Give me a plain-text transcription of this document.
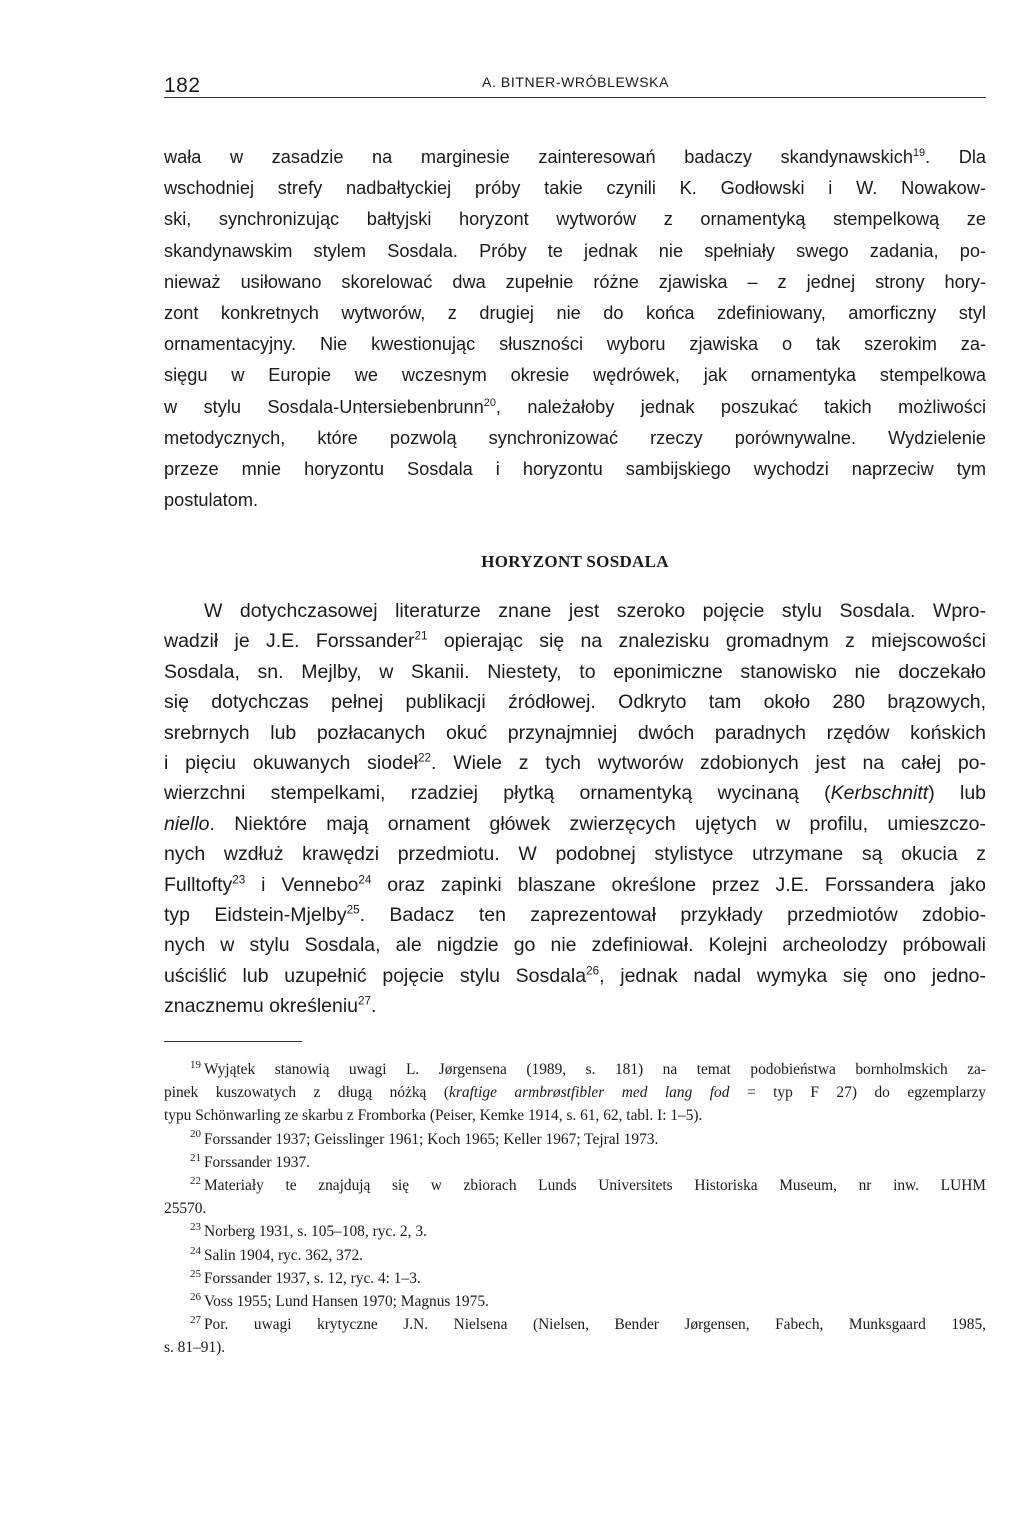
182	A. BITNER-WRÓBLEWSKA
wała w zasadzie na marginesie zainteresowań badaczy skandynawskich$^{19}$. Dla
wschodniej strefy nadbałtyckiej próby takie czynili K. Godłowski i W. Nowakow-
ski, synchronizując bałtyjski horyzont wytworów z ornamentyką stempelkową ze
skandynawskim stylem Sosdala. Próby te jednak nie spełniały swego zadania, po-
nieważ usiłowano skorelować dwa zupełnie różne zjawiska – z jednej strony hory-
zont konkretnych wytworów, z drugiej nie do końca zdefiniowany, amorficzny styl
ornamentacyjny. Nie kwestionując słuszności wyboru zjawiska o tak szerokim za-
sięgu w Europie we wczesnym okresie wędrówek, jak ornamentyka stempelkowa
w stylu Sosdala-Untersiebenbrunn$^{20}$, należałoby jednak poszukać takich możliwości
metodycznych, które pozwolą synchronizować rzeczy porównywalne. Wydzielenie
przeze mnie horyzontu Sosdala i horyzontu sambijskiego wychodzi naprzeciw tym
postulatom.
HORYZONT SOSDALA
W dotychczasowej literaturze znane jest szeroko pojęcie stylu Sosdala. Wpro-
wadził je J.E. Forssander$^{21}$ opierając się na znalezisku gromadnym z miejscowości
Sosdala, sn. Mejlby, w Skanii. Niestety, to eponimiczne stanowisko nie doczekało
się dotychczas pełnej publikacji źródłowej. Odkryto tam około 280 brązowych,
srebrnych lub pozłacanych okuć przynajmniej dwóch paradnych rzędów końskich
i pięciu okuwanych siodeł$^{22}$. Wiele z tych wytworów zdobionych jest na całej po-
wierzchni stempelkami, rzadziej płytką ornamentyką wycinaną (Kerbschnitt) lub
niello. Niektóre mają ornament główek zwierzęcych ujętych w profilu, umieszczo-
nych wzdłuż krawędzi przedmiotu. W podobnej stylistyce utrzymane są okucia z
Fulltofty$^{23}$ i Vennebo$^{24}$ oraz zapinki blaszane określone przez J.E. Forssandera jako
typ Eidstein-Mjelby$^{25}$. Badacz ten zaprezentował przykłady przedmiotów zdobio-
nych w stylu Sosdala, ale nigdzie go nie zdefiniował. Kolejni archeolodzy próbowali
uściślić lub uzupełnić pojęcie stylu Sosdala$^{26}$, jednak nadal wymyka się ono jedno-
znacznemu określeniu$^{27}$.
$^{19}$ Wyjątek stanowią uwagi L. Jørgensena (1989, s. 181) na temat podobieństwa bornholmskich za-
pinek kuszowatych z długą nóżką (kraftige armbrøstfibler med lang fod = typ F 27) do egzemplarzy
typu Schönwarling ze skarbu z Fromborka (Peiser, Kemke 1914, s. 61, 62, tabl. I: 1–5).
$^{20}$ Forssander 1937; Geisslinger 1961; Koch 1965; Keller 1967; Tejral 1973.
$^{21}$ Forssander 1937.
$^{22}$ Materiały te znajdują się w zbiorach Lunds Universitets Historiska Museum, nr inw. LUHM
25570.
$^{23}$ Norberg 1931, s. 105–108, ryc. 2, 3.
$^{24}$ Salin 1904, ryc. 362, 372.
$^{25}$ Forssander 1937, s. 12, ryc. 4: 1–3.
$^{26}$ Voss 1955; Lund Hansen 1970; Magnus 1975.
$^{27}$ Por. uwagi krytyczne J.N. Nielsena (Nielsen, Bender Jørgensen, Fabech, Munksgaard 1985,
s. 81–91).
